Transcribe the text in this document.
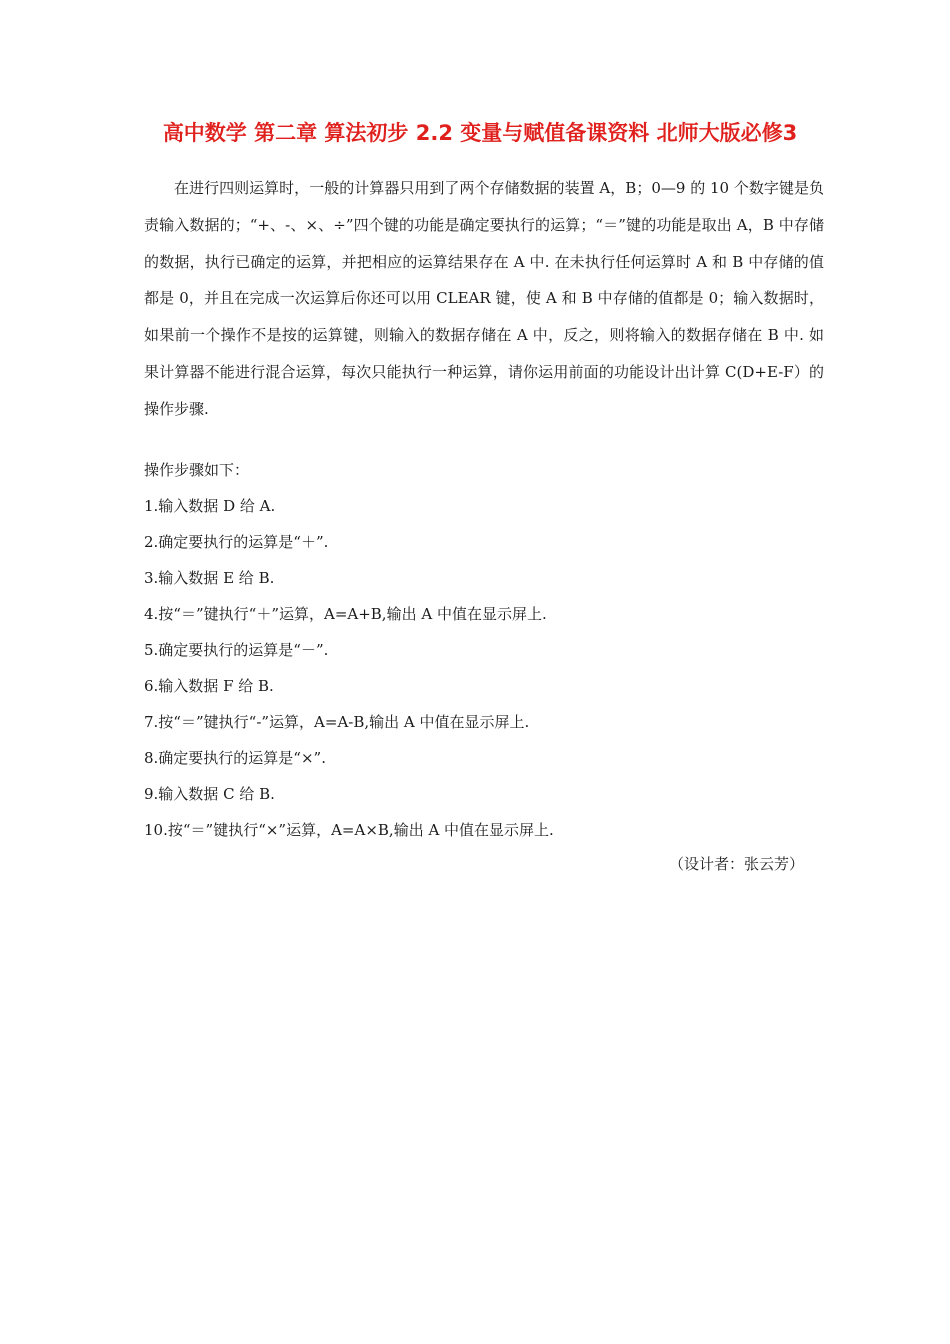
高中数学 第二章 算法初步 2.2 变量与赋值备课资料 北师大版必修3

在进行四则运算时，一般的计算器只用到了两个存储数据的装置 A，B；0—9 的 10 个数字键是负责输入数据的；“+、-、×、÷”四个键的功能是确定要执行的运算；“＝”键的功能是取出 A，B 中存储的数据，执行已确定的运算，并把相应的运算结果存在 A 中. 在未执行任何运算时 A 和 B 中存储的值都是 0，并且在完成一次运算后你还可以用 CLEAR 键，使 A 和 B 中存储的值都是 0；输入数据时，如果前一个操作不是按的运算键，则输入的数据存储在 A 中，反之，则将输入的数据存储在 B 中. 如果计算器不能进行混合运算，每次只能执行一种运算，请你运用前面的功能设计出计算 C(D+E-F）的操作步骤.

操作步骤如下：
1.输入数据 D 给 A.
2.确定要执行的运算是“＋”.
3.输入数据 E 给 B.
4.按“＝”键执行“＋”运算，A=A+B,输出 A 中值在显示屏上.
5.确定要执行的运算是“－”.
6.输入数据 F 给 B.
7.按“＝”键执行“-”运算，A=A-B,输出 A 中值在显示屏上.
8.确定要执行的运算是“×”.
9.输入数据 C 给 B.
10.按“＝”键执行“×”运算，A=A×B,输出 A 中值在显示屏上.

（设计者：张云芳）
